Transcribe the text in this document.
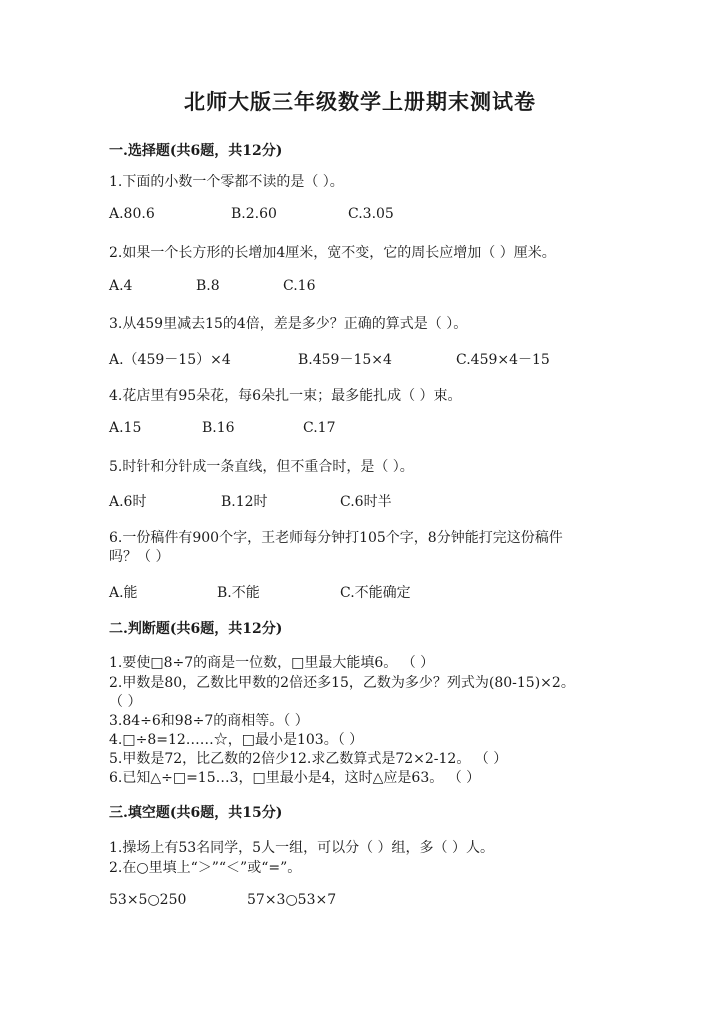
北师大版三年级数学上册期末测试卷
一.选择题(共6题，共12分)
1.下面的小数一个零都不读的是（ ）。
A.80.6	B.2.60	C.3.05
2.如果一个长方形的长增加4厘米，宽不变，它的周长应增加（ ）厘米。
A.4	B.8	C.16
3.从459里减去15的4倍，差是多少？正确的算式是（ ）。
A.（459－15）×4	B.459－15×4	C.459×4－15
4.花店里有95朵花，每6朵扎一束；最多能扎成（ ）束。
A.15	B.16	C.17
5.时针和分针成一条直线，但不重合时，是（ ）。
A.6时	B.12时	C.6时半
6.一份稿件有900个字，王老师每分钟打105个字，8分钟能打完这份稿件
吗？（ ）
A.能	B.不能	C.不能确定
二.判断题(共6题，共12分)
1.要使□8÷7的商是一位数，□里最大能填6。 （ ）
2.甲数是80，乙数比甲数的2倍还多15，乙数为多少？列式为(80-15)×2。
（ ）
3.84÷6和98÷7的商相等。（ ）
4.□÷8=12……☆，□最小是103。（ ）
5.甲数是72，比乙数的2倍少12.求乙数算式是72×2-12。 （ ）
6.已知△÷□=15…3，□里最小是4，这时△应是63。 （ ）
三.填空题(共6题，共15分)
1.操场上有53名同学，5人一组，可以分（ ）组，多（ ）人。
2.在○里填上“＞”“＜”或“=”。
53×5○250	57×3○53×7
